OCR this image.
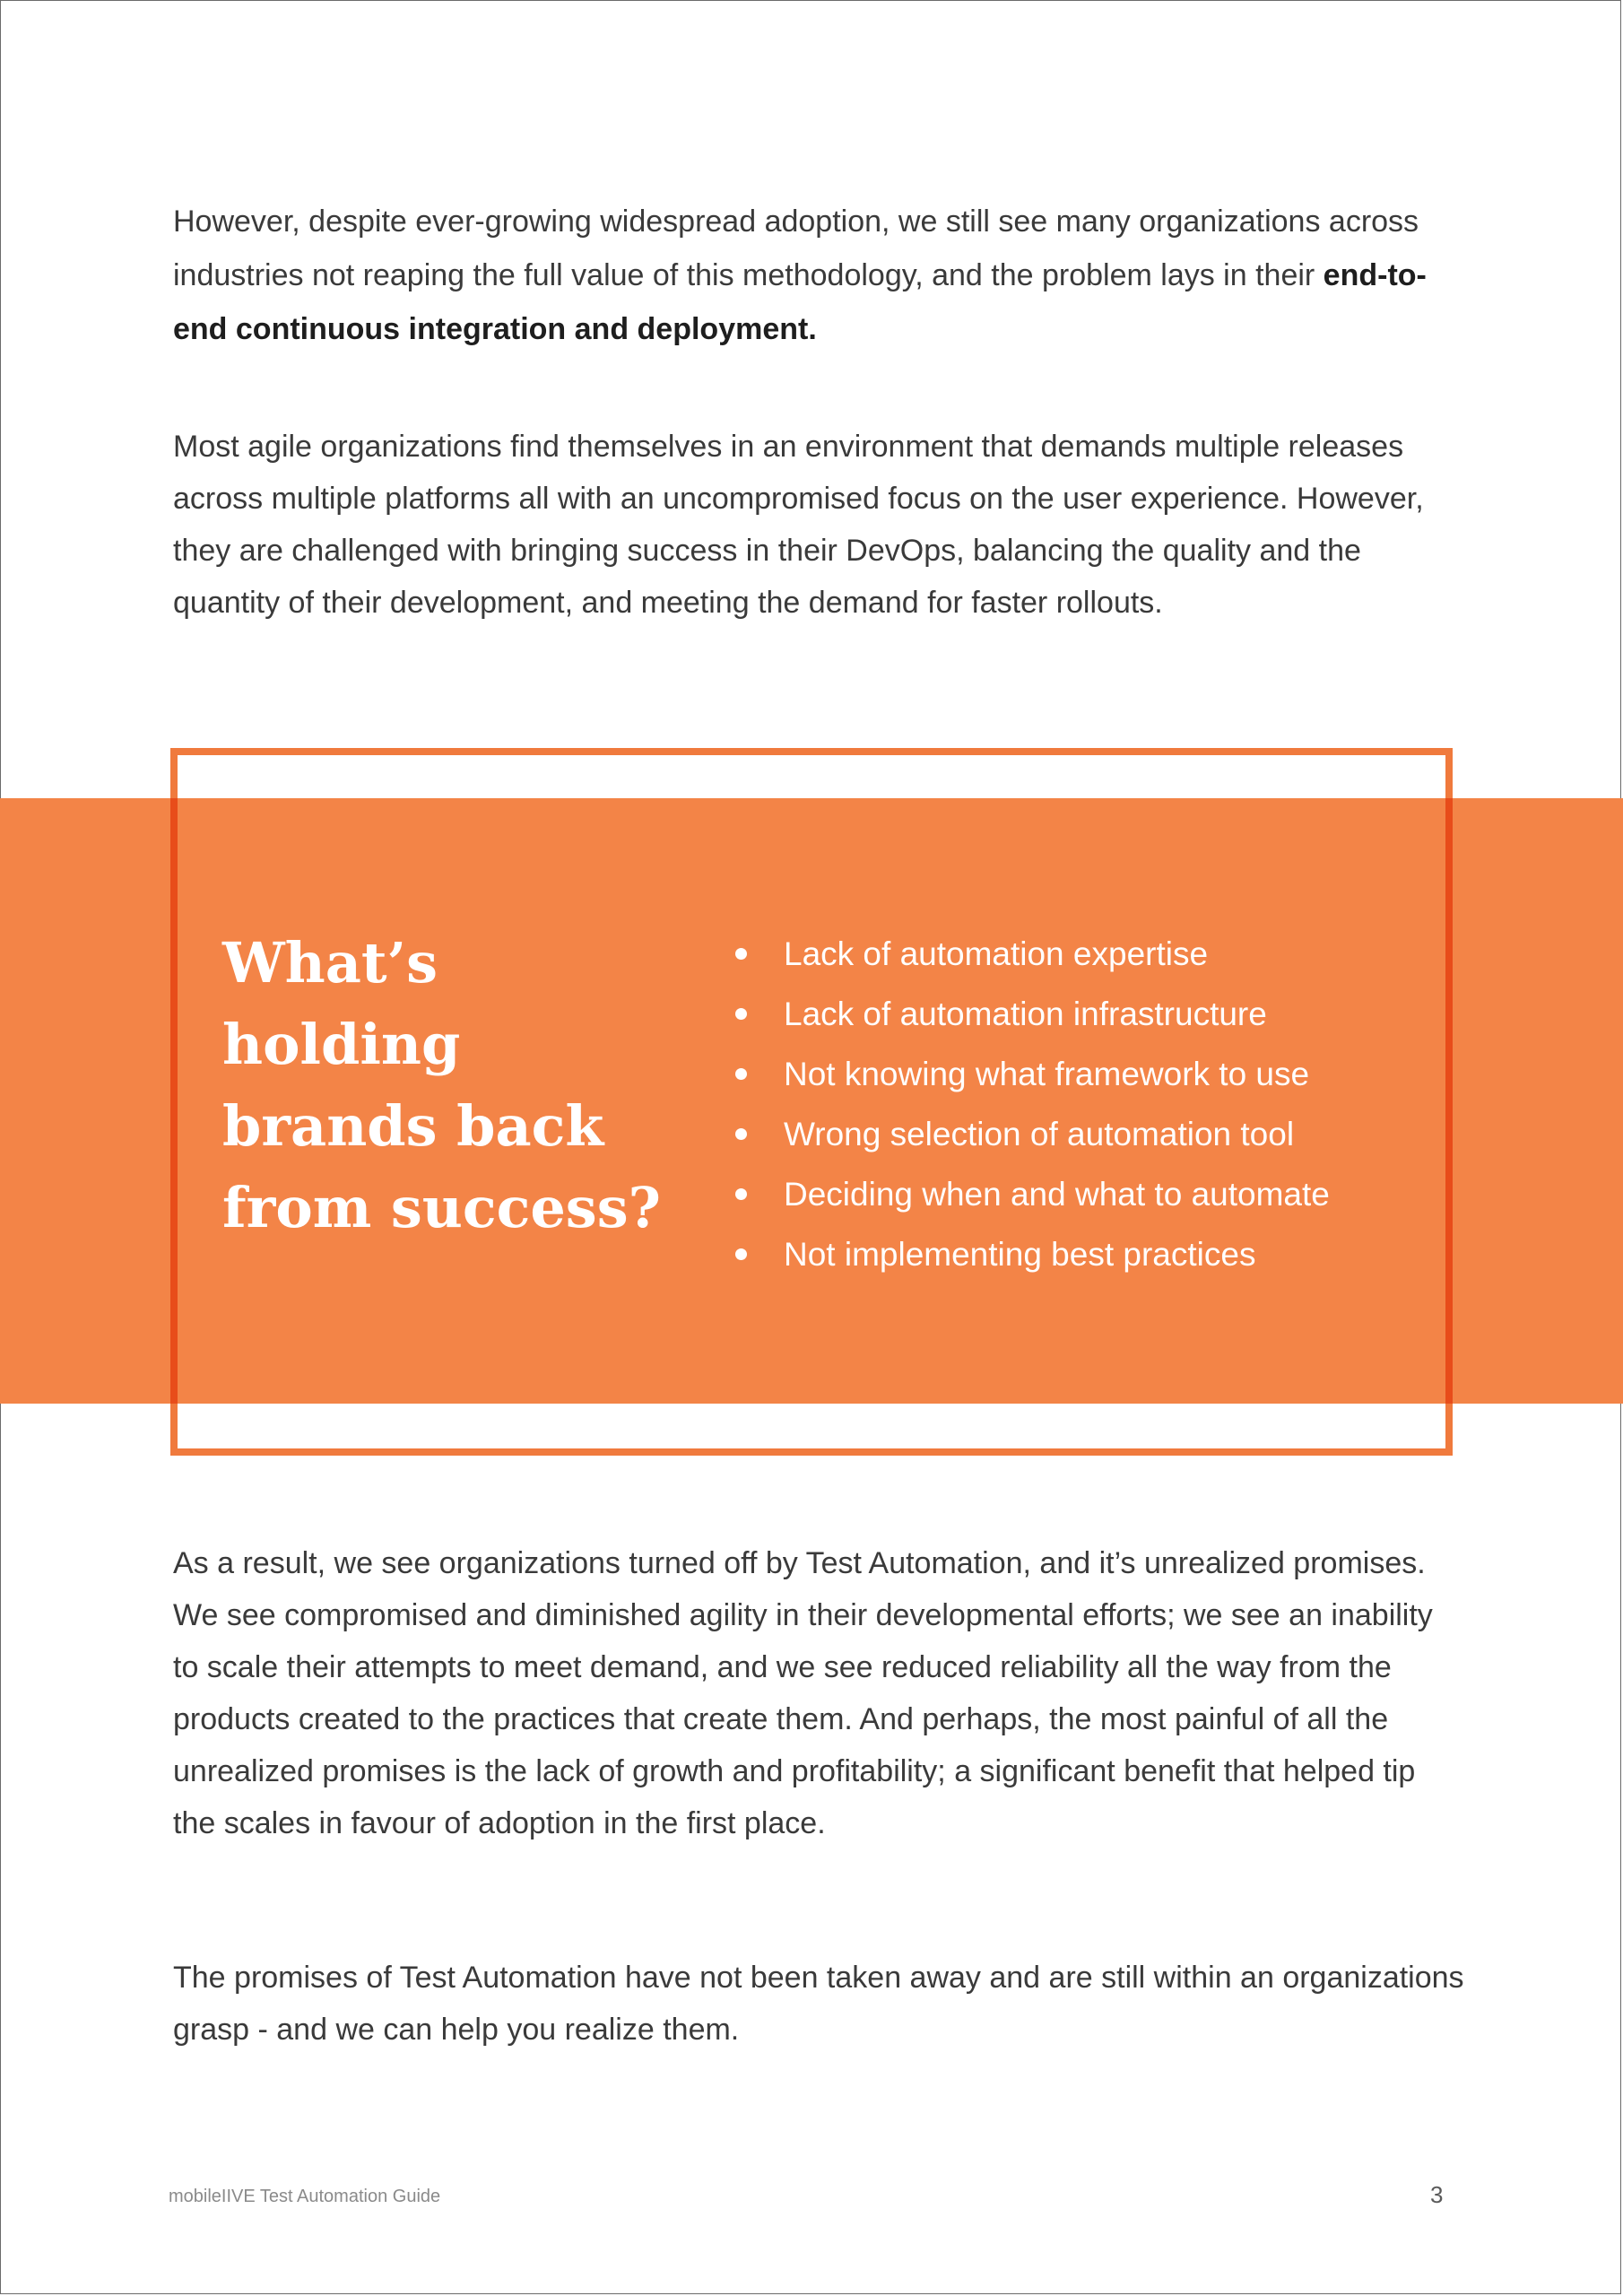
However, despite ever-growing widespread adoption, we still see many organizations across industries not reaping the full value of this methodology, and the problem lays in their end-to-end continuous integration and deployment.

Most agile organizations find themselves in an environment that demands multiple releases across multiple platforms all with an uncompromised focus on the user experience. However, they are challenged with bringing success in their DevOps, balancing the quality and the quantity of their development, and meeting the demand for faster rollouts.

What’s holding
brands back
from success?
Lack of automation expertise
Lack of automation infrastructure
Not knowing what framework to use
Wrong selection of automation tool
Deciding when and what to automate
Not implementing best practices

As a result, we see organizations turned off by Test Automation, and it’s unrealized promises. We see compromised and diminished agility in their developmental efforts; we see an inability to scale their attempts to meet demand, and we see reduced reliability all the way from the products created to the practices that create them. And perhaps, the most painful of all the unrealized promises is the lack of growth and profitability; a significant benefit that helped tip the scales in favour of adoption in the first place.

The promises of Test Automation have not been taken away and are still within an organizations grasp - and we can help you realize them.

mobileIIVE Test Automation Guide	3
